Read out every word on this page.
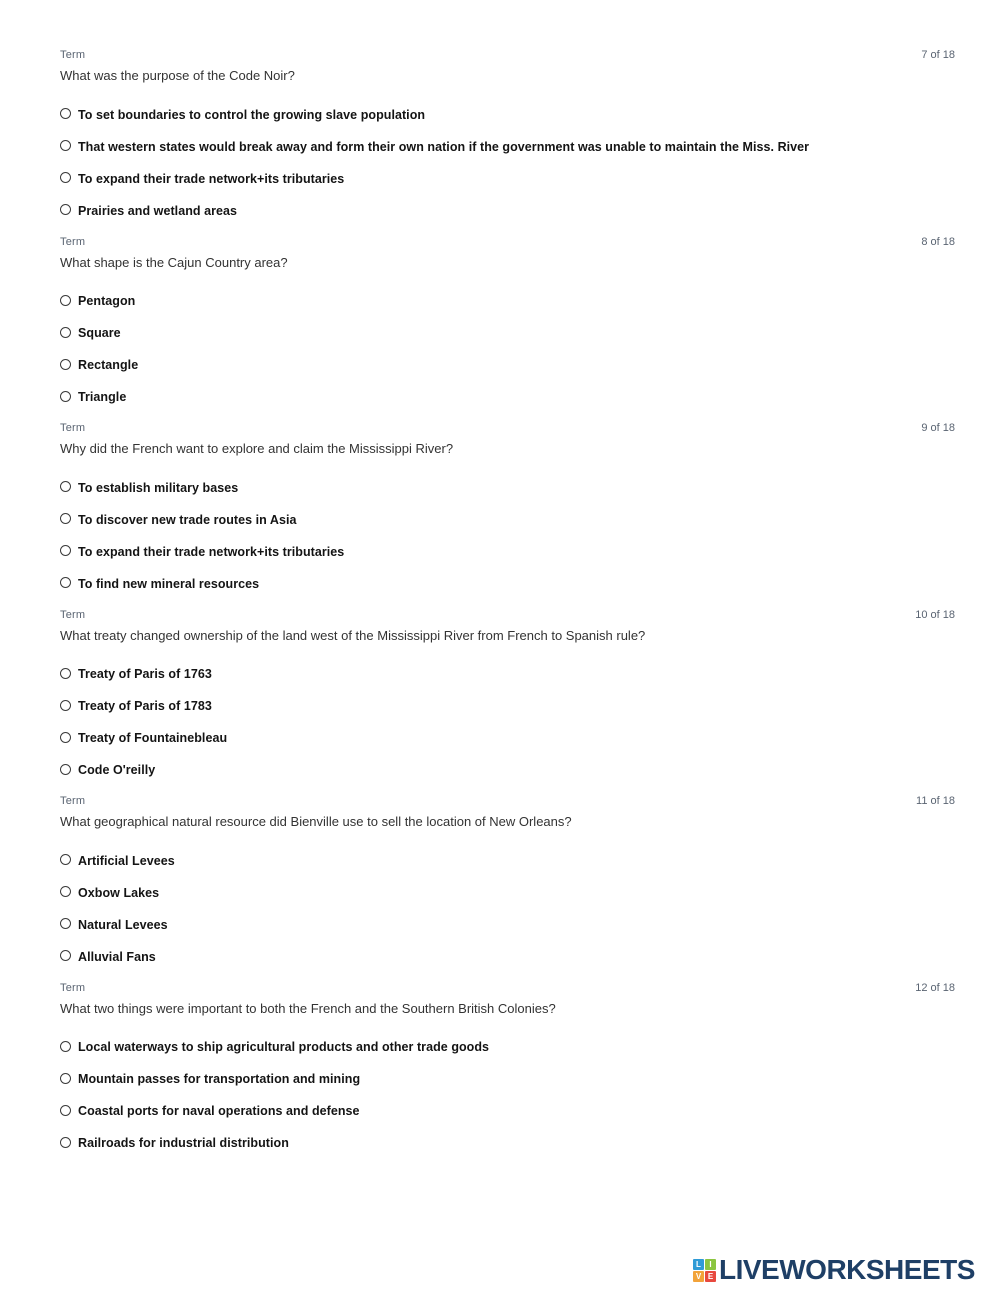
Term	7 of 18
What was the purpose of the Code Noir?
To set boundaries to control the growing slave population
That western states would break away and form their own nation if the government was unable to maintain the Miss. River
To expand their trade network+its tributaries
Prairies and wetland areas
Term	8 of 18
What shape is the Cajun Country area?
Pentagon
Square
Rectangle
Triangle
Term	9 of 18
Why did the French want to explore and claim the Mississippi River?
To establish military bases
To discover new trade routes in Asia
To expand their trade network+its tributaries
To find new mineral resources
Term	10 of 18
What treaty changed ownership of the land west of the Mississippi River from French to Spanish rule?
Treaty of Paris of 1763
Treaty of Paris of 1783
Treaty of Fountainebleau
Code O'reilly
Term	11 of 18
What geographical natural resource did Bienville use to sell the location of New Orleans?
Artificial Levees
Oxbow Lakes
Natural Levees
Alluvial Fans
Term	12 of 18
What two things were important to both the French and the Southern British Colonies?
Local waterways to ship agricultural products and other trade goods
Mountain passes for transportation and mining
Coastal ports for naval operations and defense
Railroads for industrial distribution
L	I
V E LIVEWORKSHEETS
